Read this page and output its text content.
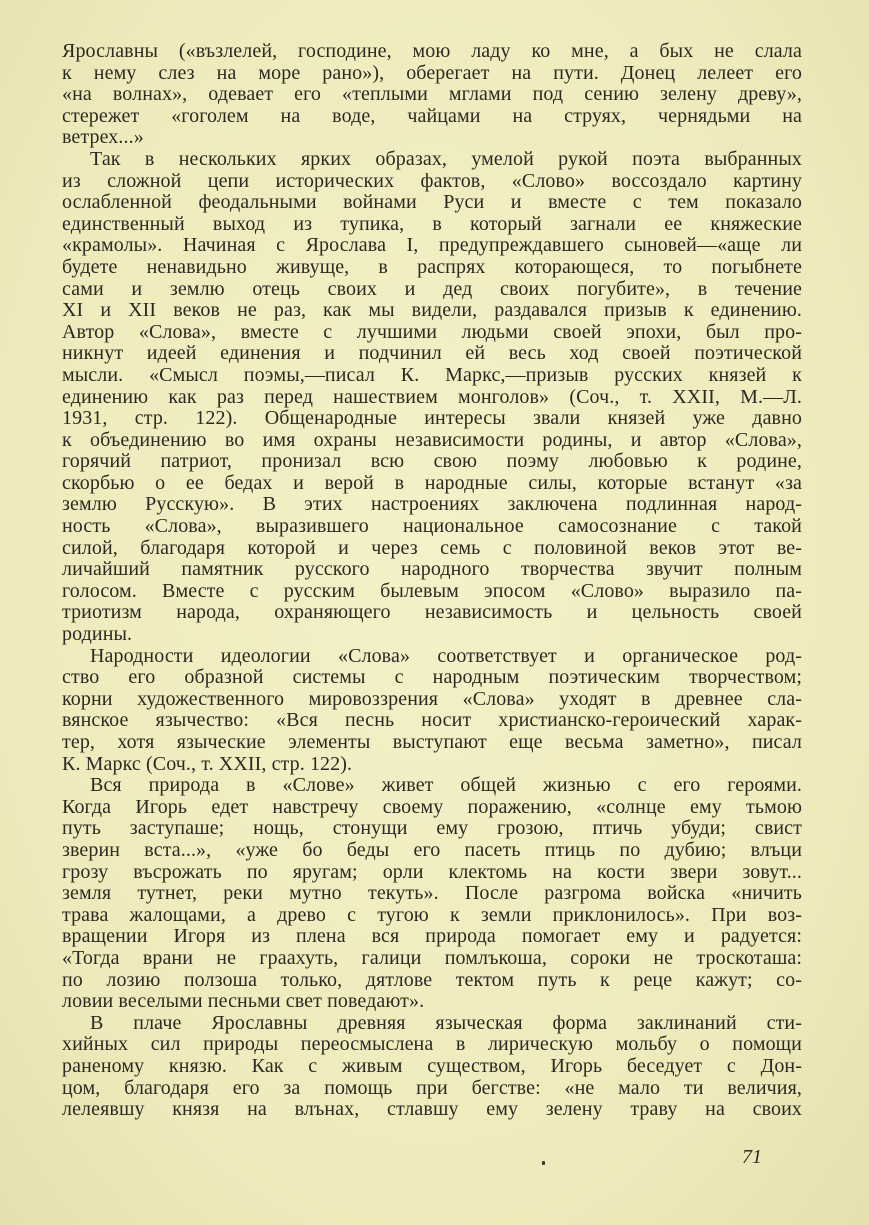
Ярославны («възлелей, господине, мою ладу ко мне, а бых не слала
к нему слез на море рано»), оберегает на пути. Донец лелеет его
«на волнах», одевает его «теплыми мглами под сению зелену древу»,
стережет «гоголем на воде, чайцами на струях, чернядьми на
ветрех...»
Так в нескольких ярких образах, умелой рукой поэта выбранных
из сложной цепи исторических фактов, «Слово» воссоздало картину
ослабленной феодальными войнами Руси и вместе с тем показало
единственный выход из тупика, в который загнали ее княжеские
«крамолы». Начиная с Ярослава I, предупреждавшего сыновей—«аще ли
будете ненавидьно живуще, в распрях которающеся, то погыбнете
сами и землю отець своих и дед своих погубите», в течение
XI и XII веков не раз, как мы видели, раздавался призыв к единению.
Автор «Слова», вместе с лучшими людьми своей эпохи, был про-
никнут идеей единения и подчинил ей весь ход своей поэтической
мысли. «Смысл поэмы,—писал К. Маркс,—призыв русских князей к
единению как раз перед нашествием монголов» (Соч., т. XXII, М.—Л.
1931, стр. 122). Общенародные интересы звали князей уже давно
к объединению во имя охраны независимости родины, и автор «Слова»,
горячий патриот, пронизал всю свою поэму любовью к родине,
скорбью о ее бедах и верой в народные силы, которые встанут «за
землю Русскую». В этих настроениях заключена подлинная народ-
ность «Слова», выразившего национальное самосознание с такой
силой, благодаря которой и через семь с половиной веков этот ве-
личайший памятник русского народного творчества звучит полным
голосом. Вместе с русским былевым эпосом «Слово» выразило па-
триотизм народа, охраняющего независимость и цельность своей
родины.
Народности идеологии «Слова» соответствует и органическое род-
ство его образной системы с народным поэтическим творчеством;
корни художественного мировоззрения «Слова» уходят в древнее сла-
вянское язычество: «Вся песнь носит христианско-героический харак-
тер, хотя языческие элементы выступают еще весьма заметно», писал
К. Маркс (Соч., т. XXII, стр. 122).
Вся природа в «Слове» живет общей жизнью с его героями.
Когда Игорь едет навстречу своему поражению, «солнце ему тьмою
путь заступаше; нощь, стонущи ему грозою, птичь убуди; свист
зверин вста...», «уже бо беды его пасеть птиць по дубию; влъци
грозу въсрожать по яругам; орли клектомь на кости звери зовут...
земля тутнет, реки мутно текуть». После разгрома войска «ничить
трава жалощами, а древо с тугою к земли приклонилось». При воз-
вращении Игоря из плена вся природа помогает ему и радуется:
«Тогда врани не граахуть, галици помлъкоша, сороки не троскоташа:
по лозию ползоша только, дятлове тектом путь к реце кажут; со-
ловии веселыми песньми свет поведают».
В плаче Ярославны древняя языческая форма заклинаний сти-
хийных сил природы переосмыслена в лирическую мольбу о помощи
раненому князю. Как с живым существом, Игорь беседует с Дон-
цом, благодаря его за помощь при бегстве: «не мало ти величия,
лелеявшу князя на влънах, стлавшу ему зелену траву на своих
71
